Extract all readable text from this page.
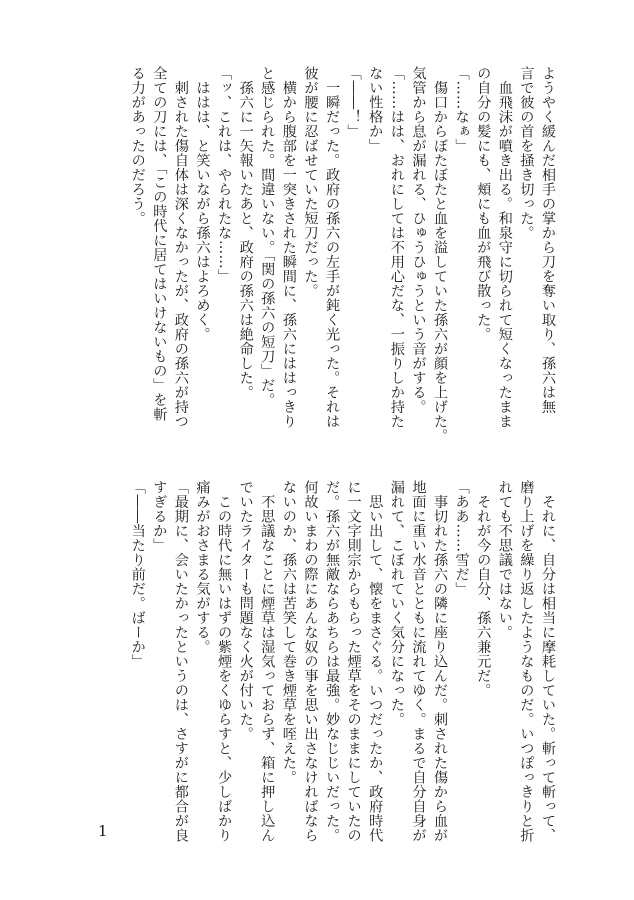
ようやく緩んだ相手の掌から刀を奪い取り、孫六は無
言で彼の首を掻き切った。
　血飛沫が噴き出る。和泉守に切られて短くなったまま
の自分の髪にも、頬にも血が飛び散った。
「……なぁ」
　傷口からぼたぼたと血を溢していた孫六が顔を上げた。
気管から息が漏れる、ひゅうひゅうという音がする。
「……はは、おれにしては不用心だな、一振りしか持た
ない性格か」
「――！」
　一瞬だった。政府の孫六の左手が鈍く光った。それは
彼が腰に忍ばせていた短刀だった。
　横から腹部を一突きされた瞬間に、孫六にははっきり
と感じられた。間違いない。「関の孫六の短刀」だ。
　孫六に一矢報いたあと、政府の孫六は絶命した。
「ッ、これは、やられたな……」
　ははは、と笑いながら孫六はよろめく。
　刺された傷自体は深くなかったが、政府の孫六が持つ
全ての刀には、「この時代に居てはいけないもの」を斬
る力があったのだろう。
　それに、自分は相当に摩耗していた。斬って斬って、
磨り上げを繰り返したようなものだ。いつぽっきりと折
れても不思議ではない。
　それが今の自分、孫六兼元だ。
「ああ……雪だ」
　事切れた孫六の隣に座り込んだ。刺された傷から血が
地面に重い水音とともに流れてゆく。まるで自分自身が
漏れて、こぼれていく気分になった。
　思い出して、懐をまさぐる。いつだったか、政府時代
に一文字則宗からもらった煙草をそのままにしていたの
だ。孫六が無敵ならあちらは最強。妙なじじいだった。
何故いまわの際にあんな奴の事を思い出さなければなら
ないのか、孫六は苦笑して巻き煙草を咥えた。
　不思議なことに煙草は湿気っておらず、箱に押し込ん
でいたライターも問題なく火が付いた。
　この時代に無いはずの紫煙をくゆらすと、少しばかり
痛みがおさまる気がする。
「最期に、会いたかったというのは、さすがに都合が良
すぎるか」
「――当たり前だ。ばーか」
1
